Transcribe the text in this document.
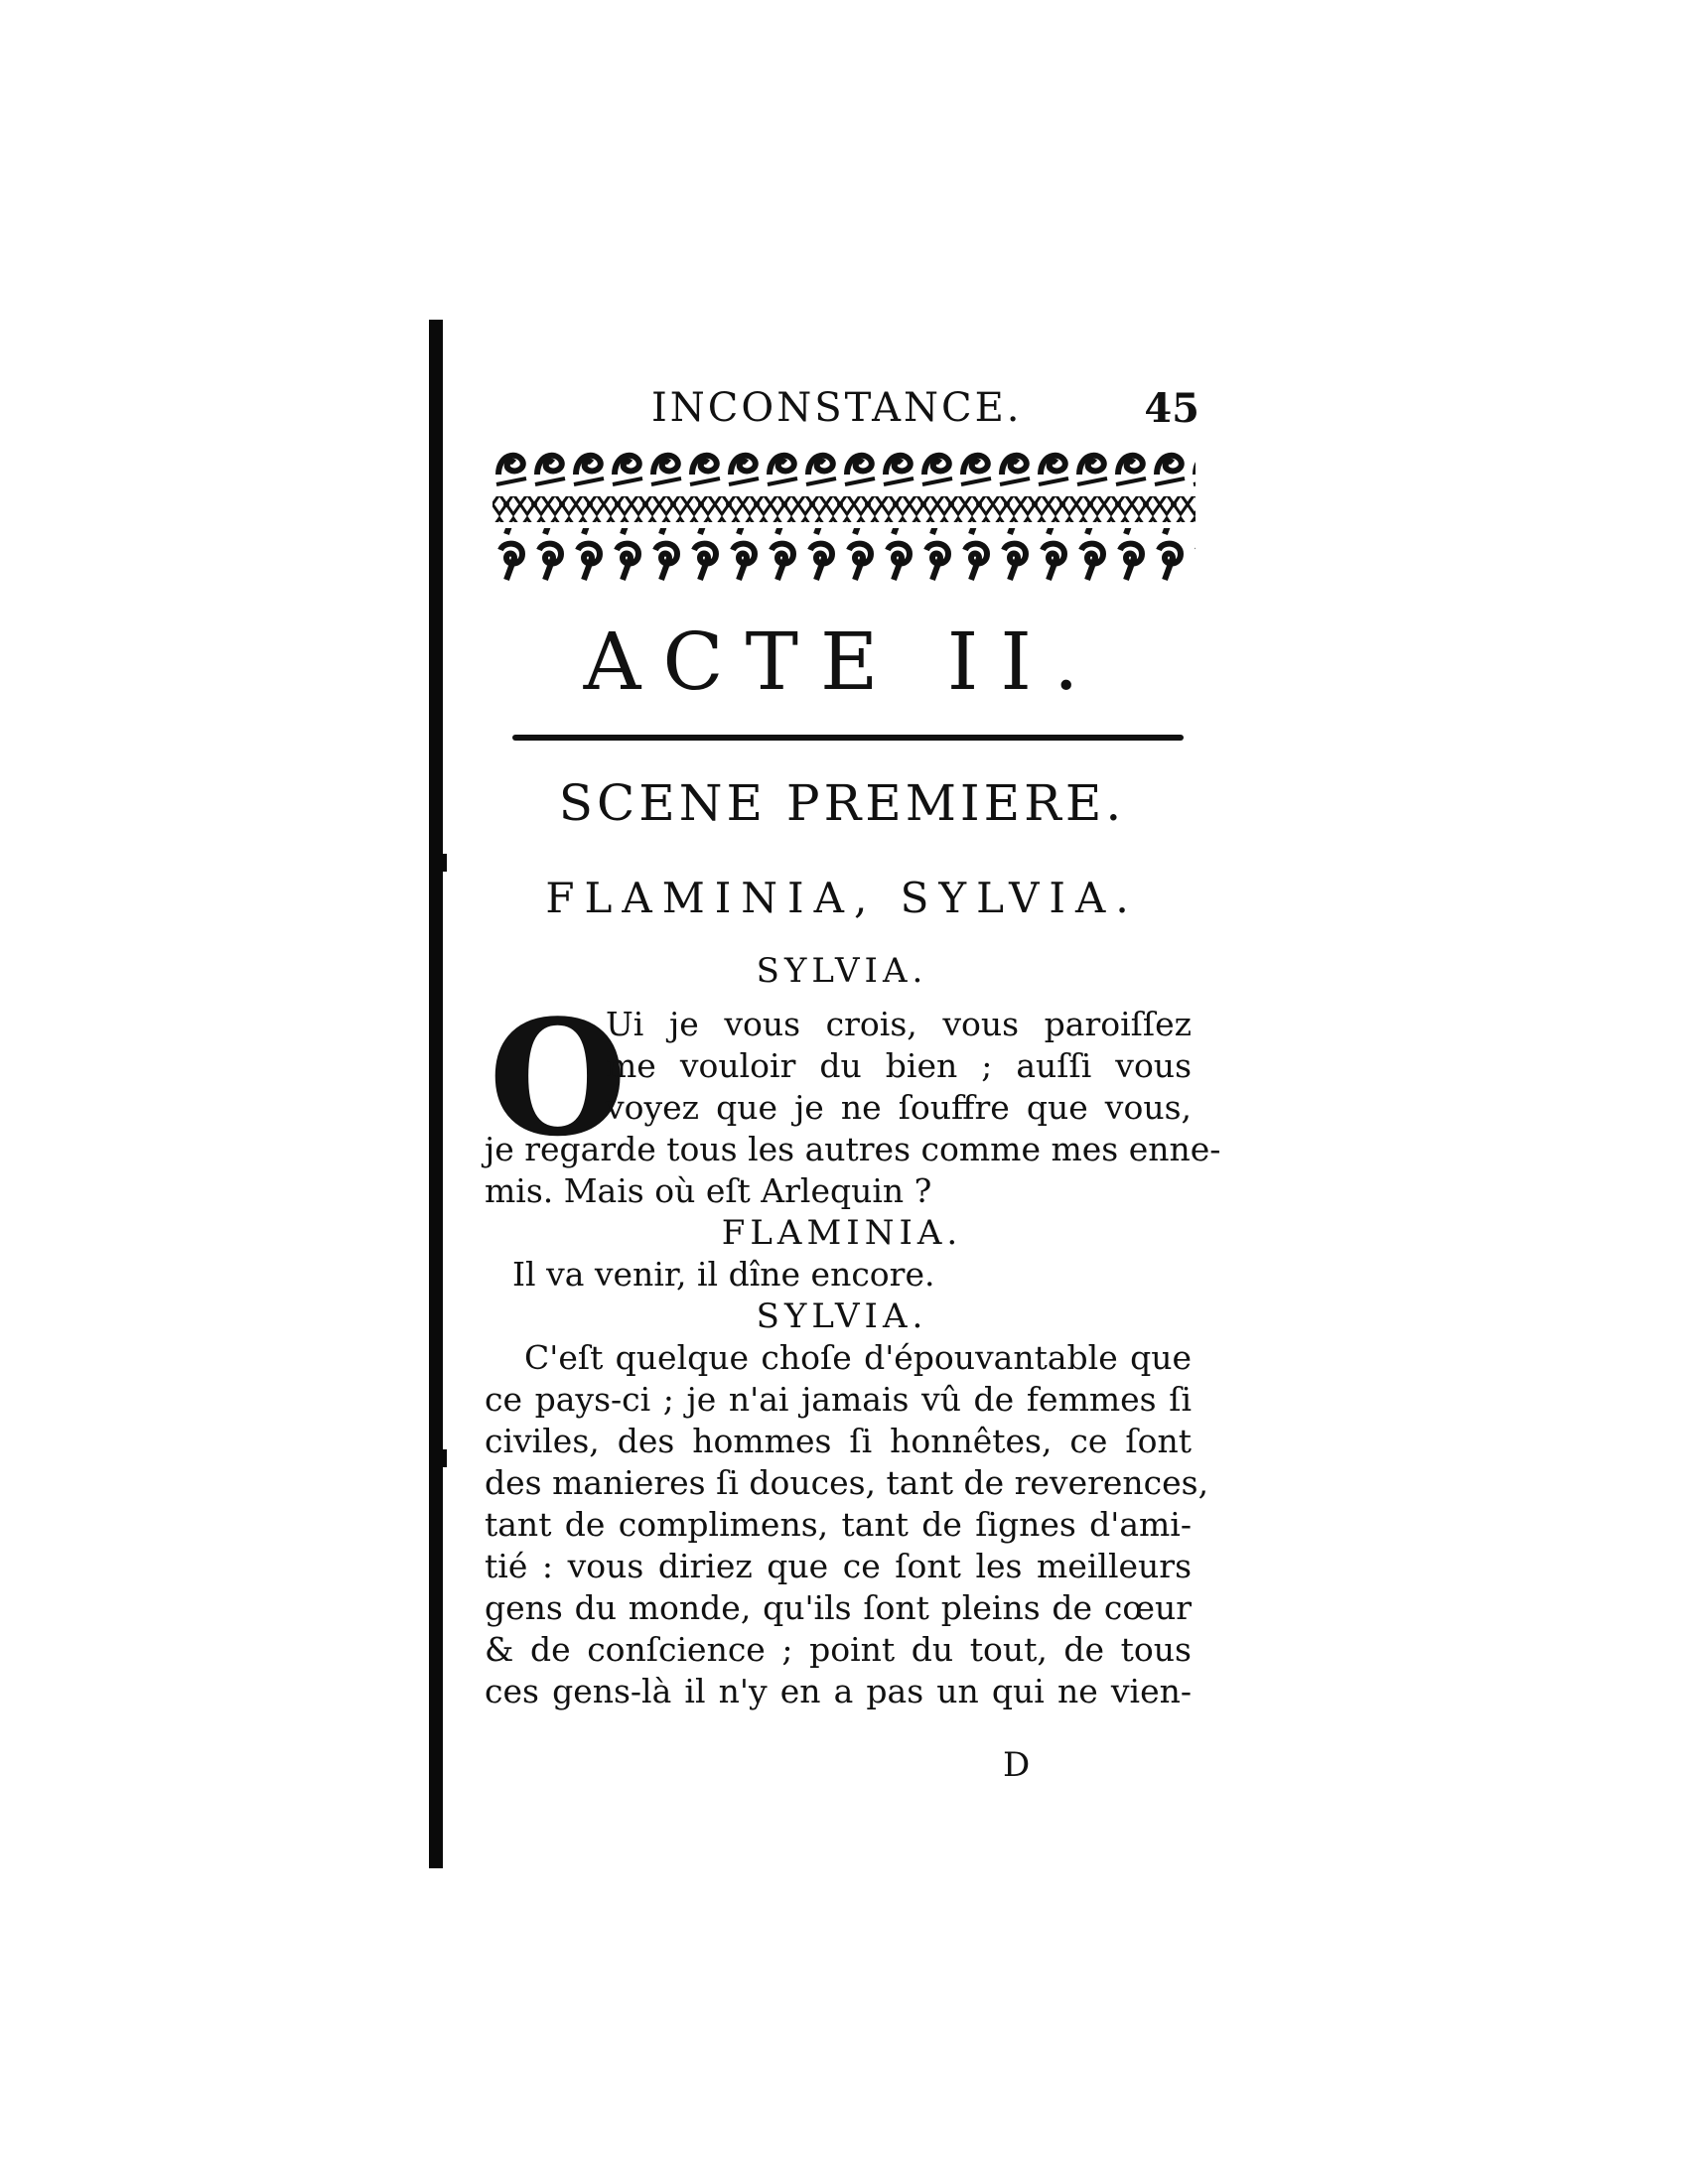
INCONSTANCE.	45
ACTE II.
SCENE PREMIERE.
FLAMINIA, SYLVIA.
SYLVIA.
O
Ui je vous crois, vous paroiſſez
me vouloir du bien ; auſſi vous
voyez que je ne ſouffre que vous,
je regarde tous les autres comme mes enne-
mis. Mais où eſt Arlequin ?
FLAMINIA.
Il va venir, il dîne encore.
SYLVIA.
C'eſt quelque choſe d'épouvantable que
ce pays-ci ; je n'ai jamais vû de femmes ſi
civiles, des hommes ſi honnêtes, ce ſont
des manieres ſi douces, tant de reverences,
tant de complimens, tant de ſignes d'ami-
tié : vous diriez que ce ſont les meilleurs
gens du monde, qu'ils ſont pleins de cœur
& de conſcience ; point du tout, de tous
ces gens-là il n'y en a pas un qui ne vien-
D
